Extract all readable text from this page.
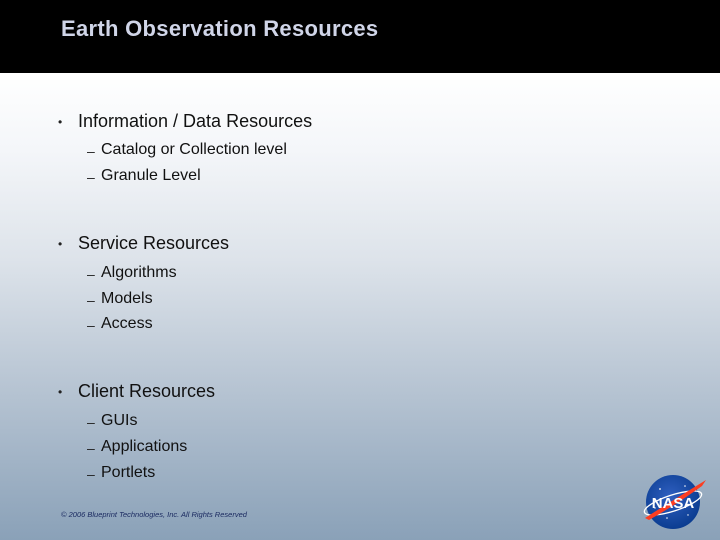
Earth Observation Resources
• Information / Data Resources
– Catalog or Collection level
– Granule Level
• Service Resources
– Algorithms
– Models
– Access
• Client Resources
– GUIs
– Applications
– Portlets
© 2006 Blueprint Technologies, Inc. All Rights Reserved
NASA
